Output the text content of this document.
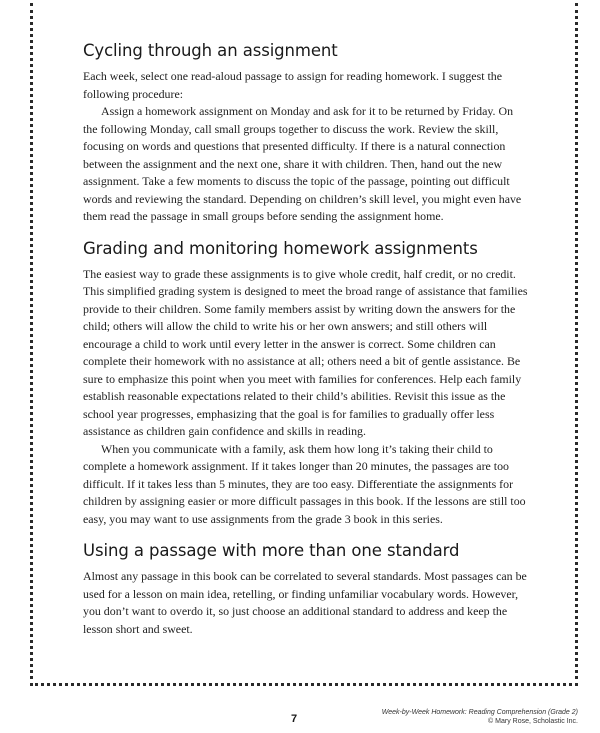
Cycling through an assignment

Each week, select one read-aloud passage to assign for reading homework. I suggest the following procedure:

Assign a homework assignment on Monday and ask for it to be returned by Friday. On the following Monday, call small groups together to discuss the work. Review the skill, focusing on words and questions that presented difficulty. If there is a natural connection between the assignment and the next one, share it with children. Then, hand out the new assignment. Take a few moments to discuss the topic of the passage, pointing out difficult words and reviewing the standard. Depending on children’s skill level, you might even have them read the passage in small groups before sending the assignment home.

Grading and monitoring homework assignments

The easiest way to grade these assignments is to give whole credit, half credit, or no credit. This simplified grading system is designed to meet the broad range of assistance that families provide to their children. Some family members assist by writing down the answers for the child; others will allow the child to write his or her own answers; and still others will encourage a child to work until every letter in the answer is correct. Some children can complete their homework with no assistance at all; others need a bit of gentle assistance. Be sure to emphasize this point when you meet with families for conferences. Help each family establish reasonable expectations related to their child’s abilities. Revisit this issue as the school year progresses, emphasizing that the goal is for families to gradually offer less assistance as children gain confidence and skills in reading.

When you communicate with a family, ask them how long it’s taking their child to complete a homework assignment. If it takes longer than 20 minutes, the passages are too difficult. If it takes less than 5 minutes, they are too easy. Differentiate the assignments for children by assigning easier or more difficult passages in this book. If the lessons are still too easy, you may want to use assignments from the grade 3 book in this series.

Using a passage with more than one standard

Almost any passage in this book can be correlated to several standards. Most passages can be used for a lesson on main idea, retelling, or finding unfamiliar vocabulary words. However, you don’t want to overdo it, so just choose an additional standard to address and keep the lesson short and sweet.

7
Week-by-Week Homework: Reading Comprehension (Grade 2)
© Mary Rose, Scholastic Inc.
